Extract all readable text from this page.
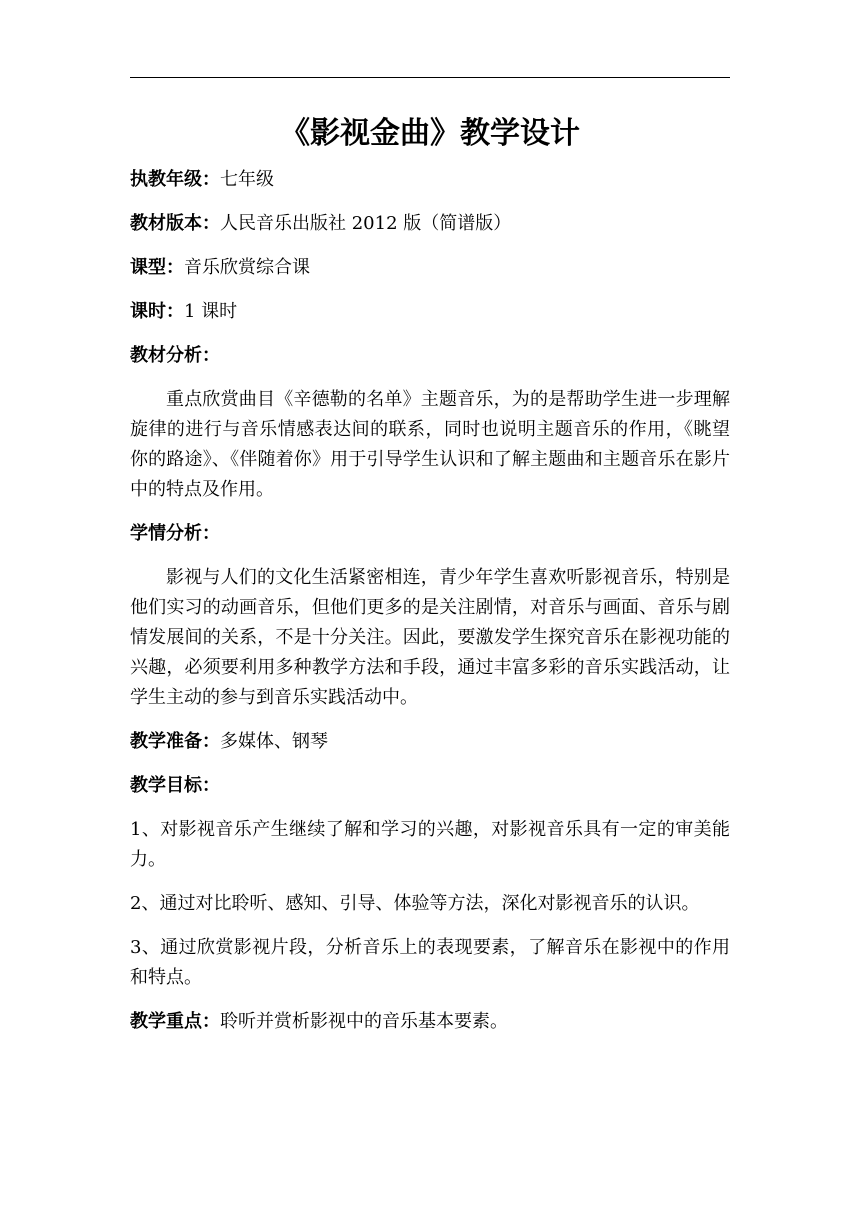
《影视金曲》教学设计
执教年级：七年级
教材版本：人民音乐出版社 2012 版（简谱版）
课型：音乐欣赏综合课
课时：1 课时
教材分析：
重点欣赏曲目《辛德勒的名单》主题音乐，为的是帮助学生进一步理解旋律的进行与音乐情感表达间的联系，同时也说明主题音乐的作用，《眺望你的路途》、《伴随着你》用于引导学生认识和了解主题曲和主题音乐在影片中的特点及作用。
学情分析：
影视与人们的文化生活紧密相连，青少年学生喜欢听影视音乐，特别是他们实习的动画音乐，但他们更多的是关注剧情，对音乐与画面、音乐与剧情发展间的关系，不是十分关注。因此，要激发学生探究音乐在影视功能的兴趣，必须要利用多种教学方法和手段，通过丰富多彩的音乐实践活动，让学生主动的参与到音乐实践活动中。
教学准备：多媒体、钢琴
教学目标：
1、对影视音乐产生继续了解和学习的兴趣，对影视音乐具有一定的审美能力。
2、通过对比聆听、感知、引导、体验等方法，深化对影视音乐的认识。
3、通过欣赏影视片段，分析音乐上的表现要素，了解音乐在影视中的作用和特点。
教学重点：聆听并赏析影视中的音乐基本要素。
